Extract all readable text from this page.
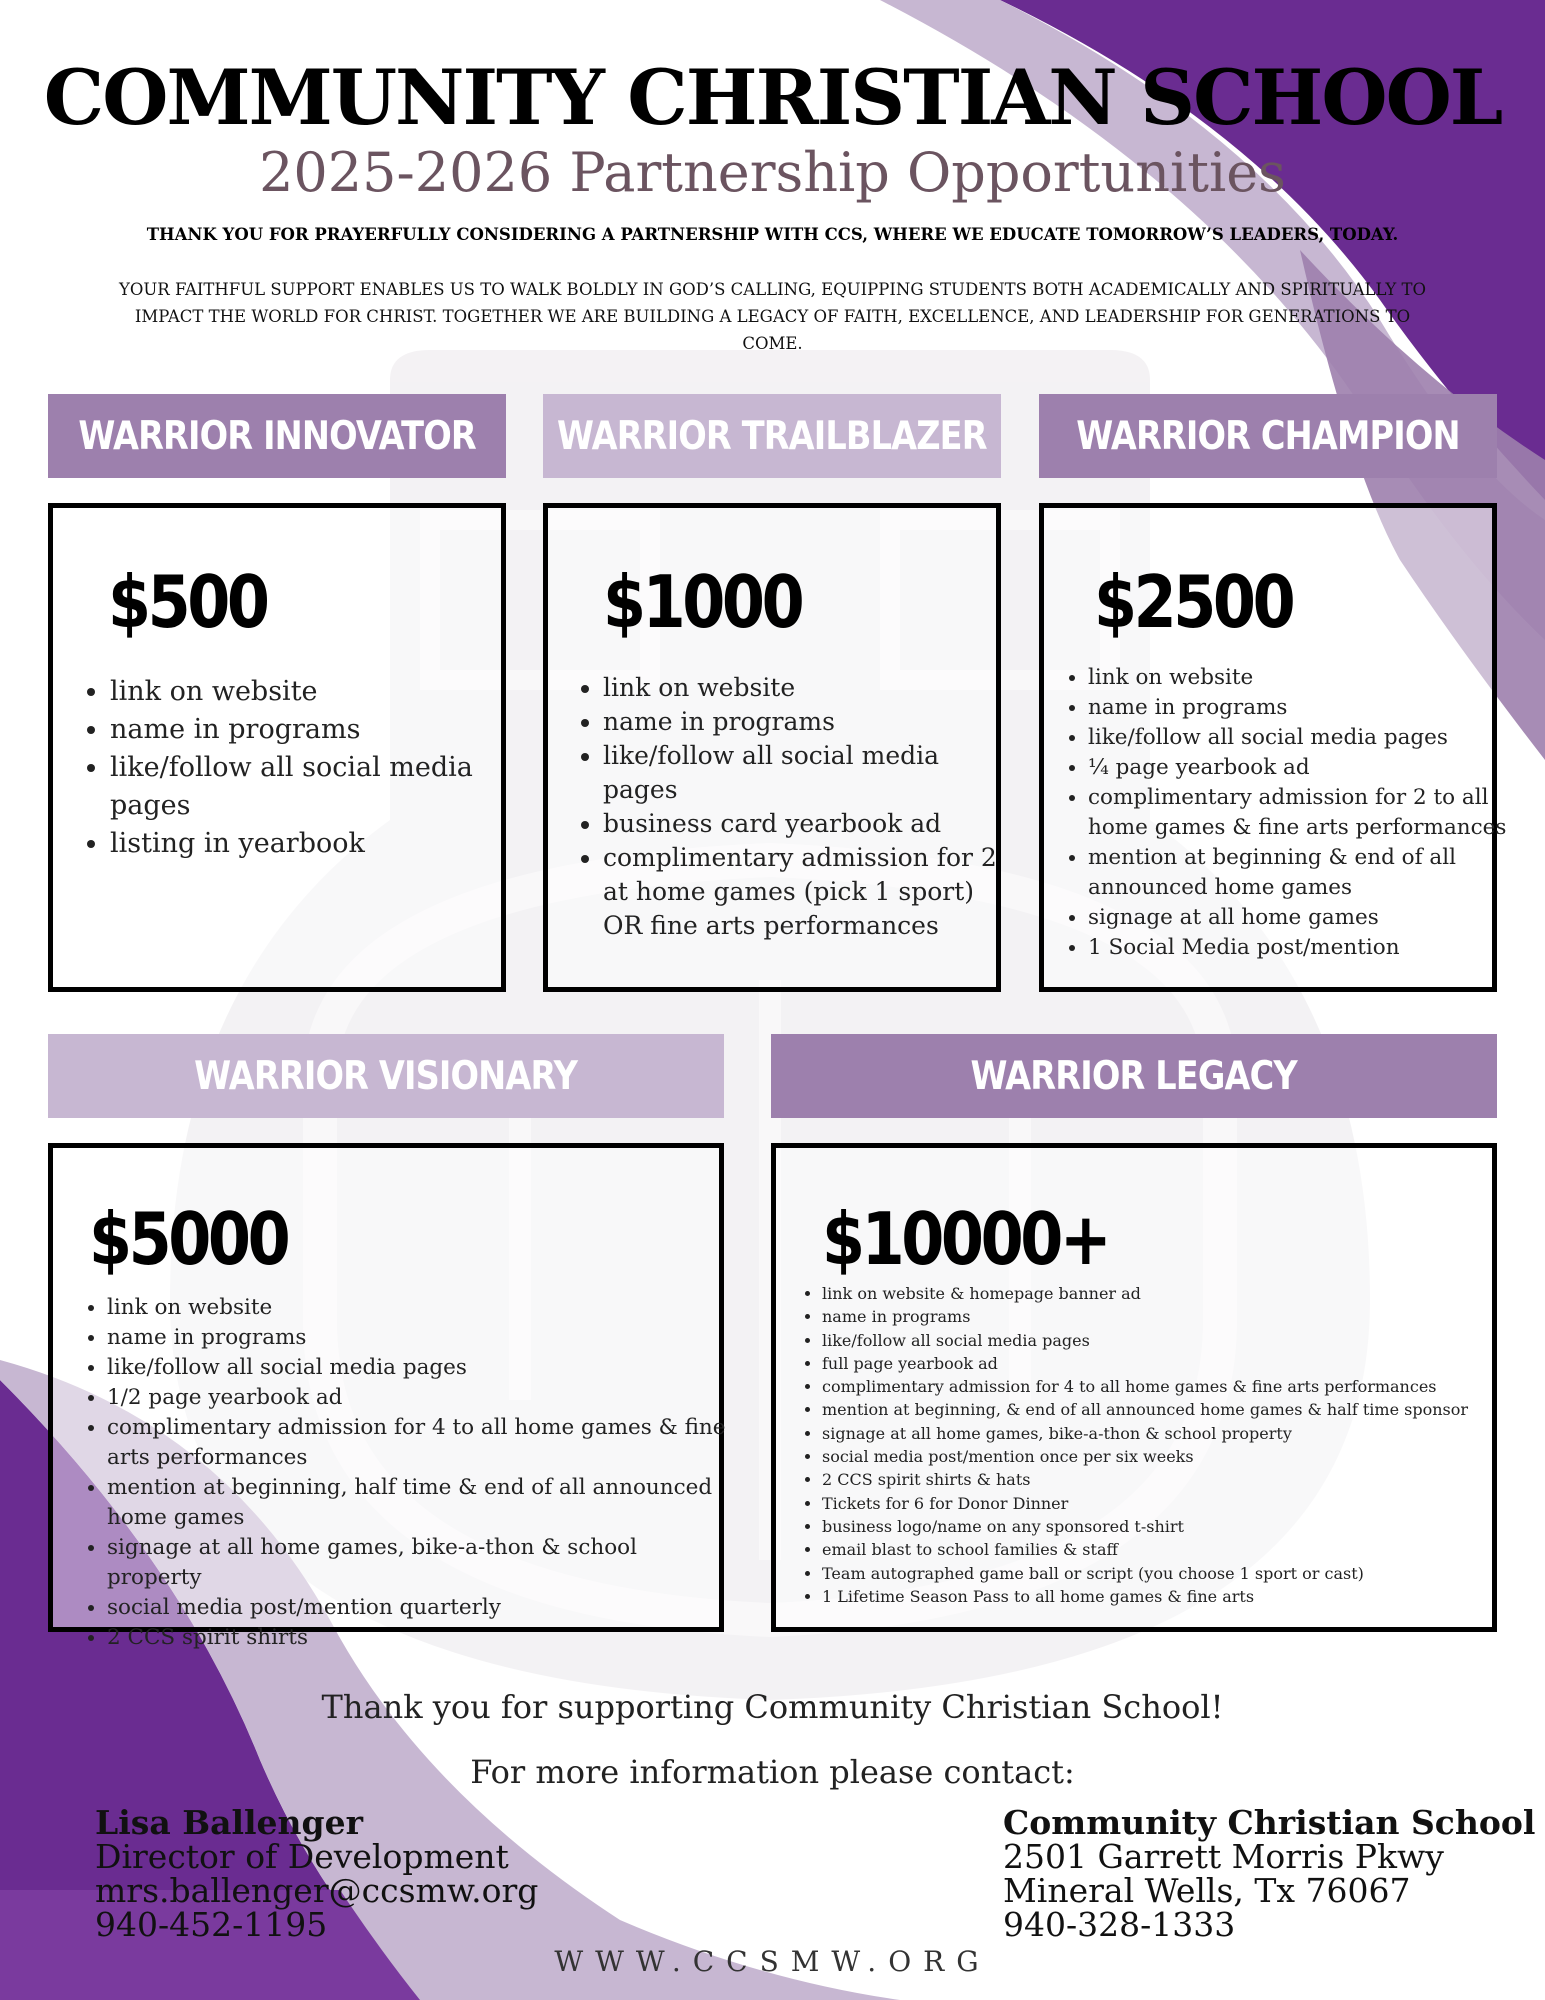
COMMUNITY CHRISTIAN SCHOOL
2025-2026 Partnership Opportunities
THANK YOU FOR PRAYERFULLY CONSIDERING A PARTNERSHIP WITH CCS, WHERE WE EDUCATE TOMORROW’S LEADERS, TODAY.

YOUR FAITHFUL SUPPORT ENABLES US TO WALK BOLDLY IN GOD’S CALLING, EQUIPPING STUDENTS BOTH ACADEMICALLY AND SPIRITUALLY TO IMPACT THE WORLD FOR CHRIST. TOGETHER WE ARE BUILDING A LEGACY OF FAITH, EXCELLENCE, AND LEADERSHIP FOR GENERATIONS TO COME.

WARRIOR INNOVATOR
$500
• link on website
• name in programs
• like/follow all social media pages
• listing in yearbook
WARRIOR TRAILBLAZER
$1000
• link on website
• name in programs
• like/follow all social media pages
• business card yearbook ad
• complimentary admission for 2 at home games (pick 1 sport) OR fine arts performances
WARRIOR CHAMPION
$2500
• link on website
• name in programs
• like/follow all social media pages
• ¼ page yearbook ad
• complimentary admission for 2 to all home games & fine arts performances
• mention at beginning & end of all announced home games
• signage at all home games
• 1 Social Media post/mention
WARRIOR VISIONARY
$5000
• link on website
• name in programs
• like/follow all social media pages
• 1/2 page yearbook ad
• complimentary admission for 4 to all home games & fine arts performances
• mention at beginning, half time & end of all announced home games
• signage at all home games, bike-a-thon & school property
• social media post/mention quarterly
• 2 CCS spirit shirts
WARRIOR LEGACY
$10000+
• link on website & homepage banner ad
• name in programs
• like/follow all social media pages
• full page yearbook ad
• complimentary admission for 4 to all home games & fine arts performances
• mention at beginning, & end of all announced home games & half time sponsor
• signage at all home games, bike-a-thon & school property
• social media post/mention once per six weeks
• 2 CCS spirit shirts & hats
• Tickets for 6 for Donor Dinner
• business logo/name on any sponsored t-shirt
• email blast to school families & staff
• Team autographed game ball or script (you choose 1 sport or cast)
• 1 Lifetime Season Pass to all home games & fine arts
Thank you for supporting Community Christian School!
For more information please contact:
Lisa Ballenger
Director of Development
mrs.ballenger@ccsmw.org
940-452-1195
Community Christian School
2501 Garrett Morris Pkwy
Mineral Wells, Tx 76067
940-328-1333
WWW.CCSMW.ORG
